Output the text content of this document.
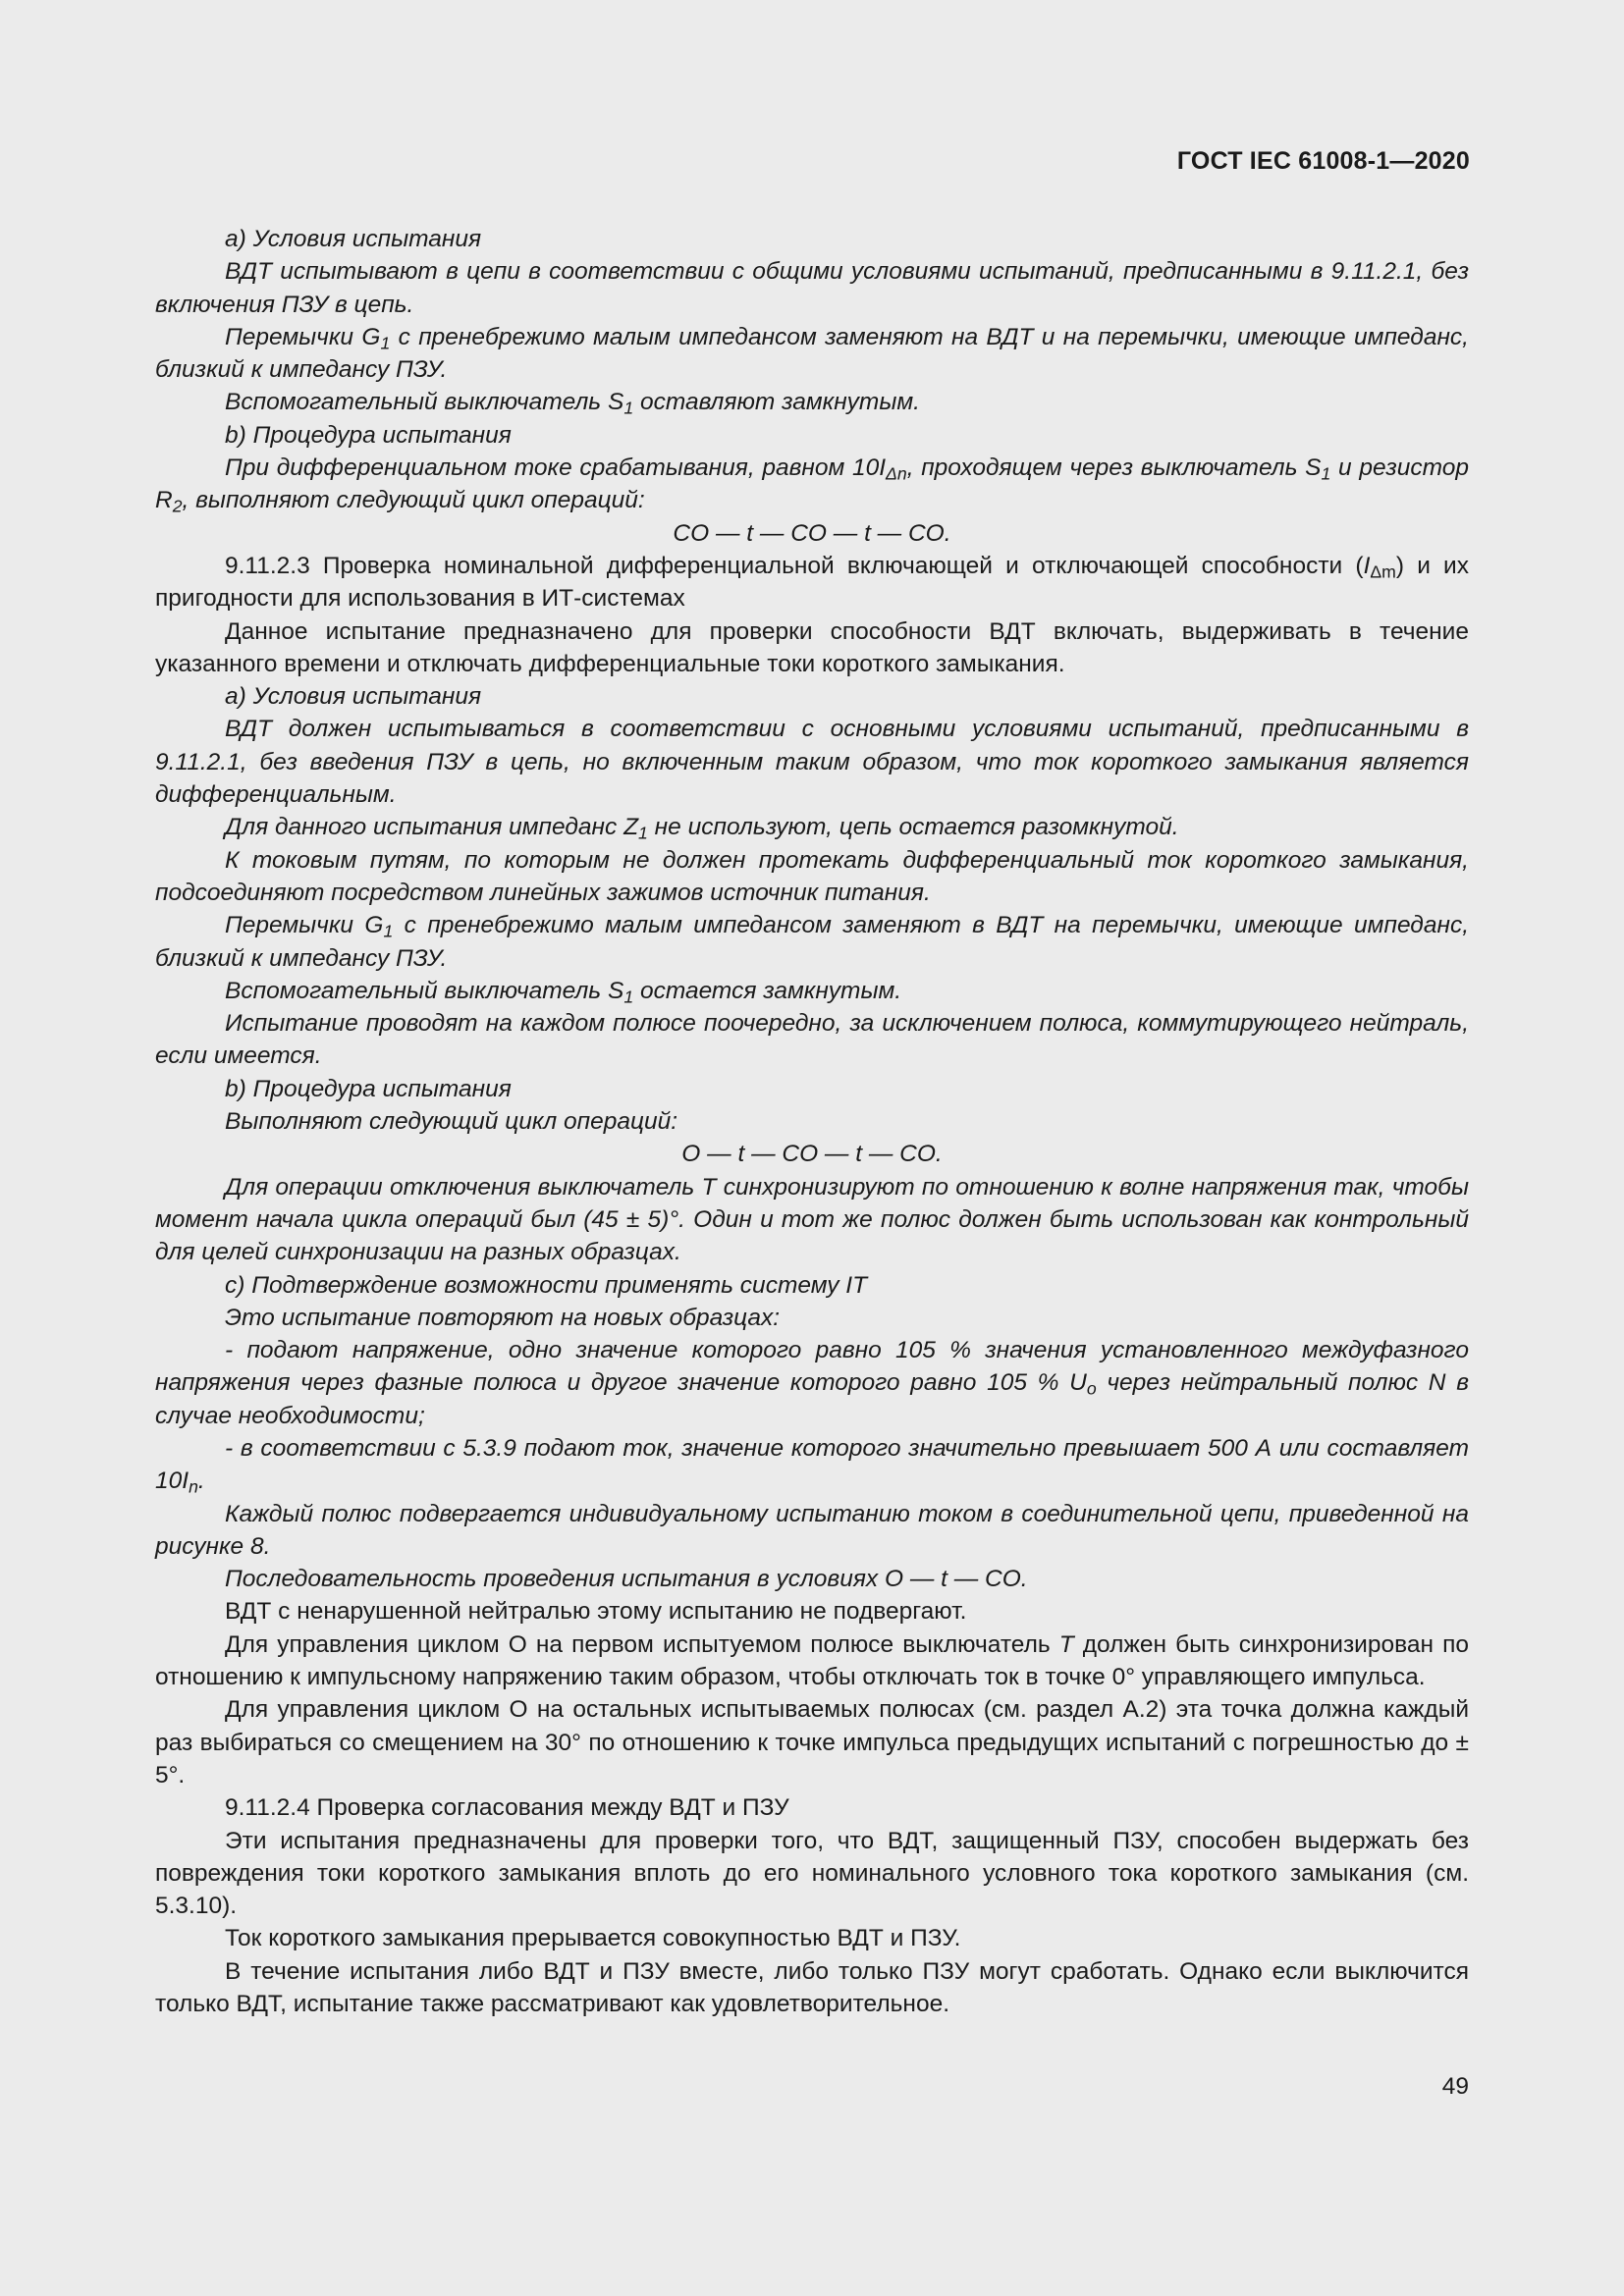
ГОСТ IEC 61008-1—2020

а) Условия испытания

ВДТ испытывают в цепи в соответствии с общими условиями испытаний, предписанными в 9.11.2.1, без включения ПЗУ в цепь.

Перемычки $G_1$ с пренебрежимо малым импедансом заменяют на ВДТ и на перемычки, имеющие импеданс, близкий к импедансу ПЗУ.

Вспомогательный выключатель $S_1$ оставляют замкнутым.

b) Процедура испытания

При дифференциальном токе срабатывания, равном $10I_{\Delta n}$, проходящем через выключатель $S_1$ и резистор $R_2$, выполняют следующий цикл операций:

CO — t — CO — t — CO.

9.11.2.3 Проверка номинальной дифференциальной включающей и отключающей способности $(I_{\Delta m})$ и их пригодности для использования в ИТ-системах

Данное испытание предназначено для проверки способности ВДТ включать, выдерживать в течение указанного времени и отключать дифференциальные токи короткого замыкания.

а) Условия испытания

ВДТ должен испытываться в соответствии с основными условиями испытаний, предписанными в 9.11.2.1, без введения ПЗУ в цепь, но включенным таким образом, что ток короткого замыкания является дифференциальным.

Для данного испытания импеданс $Z_1$ не используют, цепь остается разомкнутой.

К токовым путям, по которым не должен протекать дифференциальный ток короткого замыкания, подсоединяют посредством линейных зажимов источник питания.

Перемычки $G_1$ с пренебрежимо малым импедансом заменяют в ВДТ на перемычки, имеющие импеданс, близкий к импедансу ПЗУ.

Вспомогательный выключатель $S_1$ остается замкнутым.

Испытание проводят на каждом полюсе поочередно, за исключением полюса, коммутирующего нейтраль, если имеется.

b) Процедура испытания

Выполняют следующий цикл операций:

O — t — CO — t — CO.

Для операции отключения выключатель T синхронизируют по отношению к волне напряжения так, чтобы момент начала цикла операций был (45 ± 5)°. Один и тот же полюс должен быть использован как контрольный для целей синхронизации на разных образцах.

с) Подтверждение возможности применять систему IT

Это испытание повторяют на новых образцах:

- подают напряжение, одно значение которого равно 105 % значения установленного междуфазного напряжения через фазные полюса и другое значение которого равно 105 % $U_o$ через нейтральный полюс N в случае необходимости;

- в соответствии с 5.3.9 подают ток, значение которого значительно превышает 500 А или составляет $10I_n$.

Каждый полюс подвергается индивидуальному испытанию током в соединительной цепи, приведенной на рисунке 8.

Последовательность проведения испытания в условиях O — t — CO.

ВДТ с ненарушенной нейтралью этому испытанию не подвергают.

Для управления циклом O на первом испытуемом полюсе выключатель T должен быть синхронизирован по отношению к импульсному напряжению таким образом, чтобы отключать ток в точке 0° управляющего импульса.

Для управления циклом O на остальных испытываемых полюсах (см. раздел А.2) эта точка должна каждый раз выбираться со смещением на 30° по отношению к точке импульса предыдущих испытаний с погрешностью до ± 5°.

9.11.2.4 Проверка согласования между ВДТ и ПЗУ

Эти испытания предназначены для проверки того, что ВДТ, защищенный ПЗУ, способен выдержать без повреждения токи короткого замыкания вплоть до его номинального условного тока короткого замыкания (см. 5.3.10).

Ток короткого замыкания прерывается совокупностью ВДТ и ПЗУ.

В течение испытания либо ВДТ и ПЗУ вместе, либо только ПЗУ могут сработать. Однако если выключится только ВДТ, испытание также рассматривают как удовлетворительное.

49
